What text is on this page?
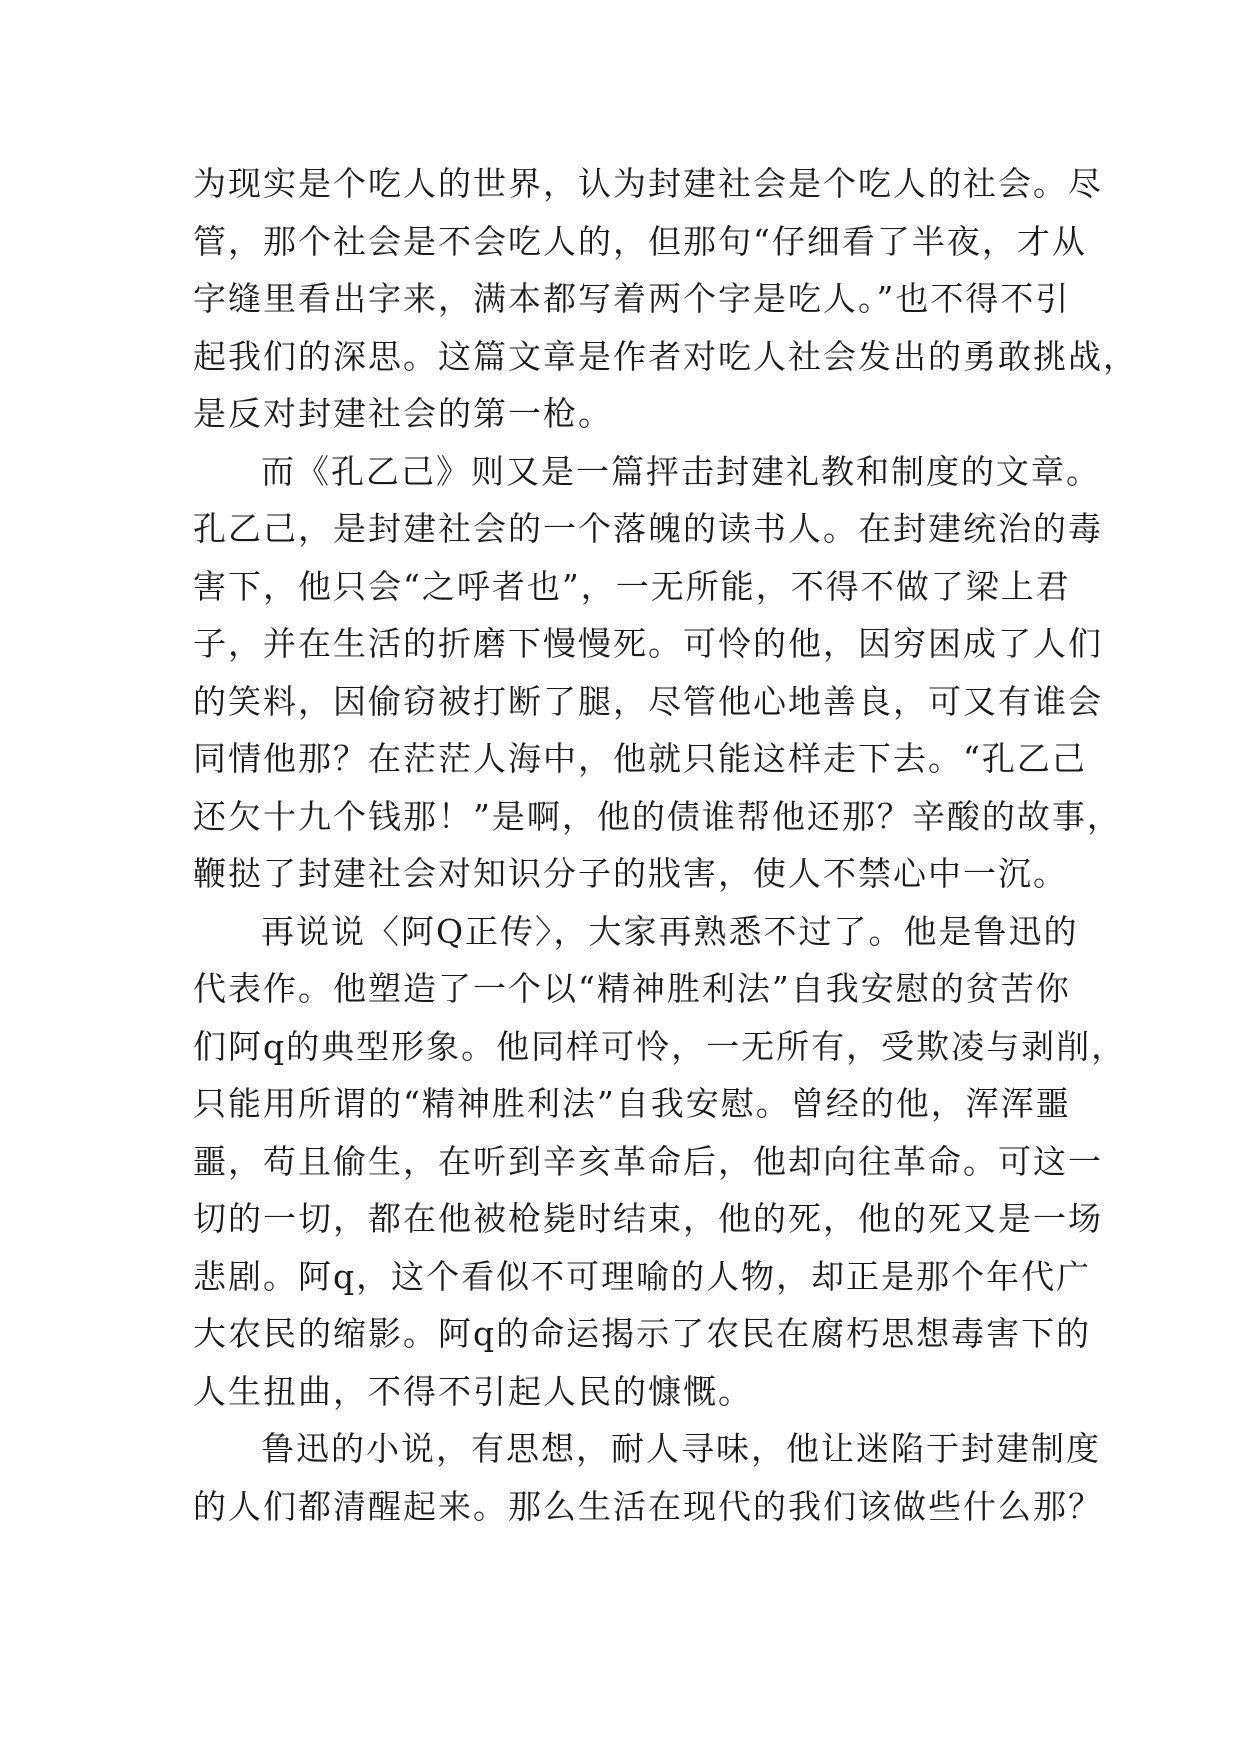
为现实是个吃人的世界，认为封建社会是个吃人的社会。尽
管，那个社会是不会吃人的，但那句“仔细看了半夜，才从
字缝里看出字来，满本都写着两个字是吃人。”也不得不引
起我们的深思。这篇文章是作者对吃人社会发出的勇敢挑战，
是反对封建社会的第一枪。
而《孔乙己》则又是一篇抨击封建礼教和制度的文章。
孔乙己，是封建社会的一个落魄的读书人。在封建统治的毒
害下，他只会“之呼者也”，一无所能，不得不做了梁上君
子，并在生活的折磨下慢慢死。可怜的他，因穷困成了人们
的笑料，因偷窃被打断了腿，尽管他心地善良，可又有谁会
同情他那？在茫茫人海中，他就只能这样走下去。“孔乙己
还欠十九个钱那！”是啊，他的债谁帮他还那？辛酸的故事，
鞭挞了封建社会对知识分子的戕害，使人不禁心中一沉。
再说说〈阿Q正传〉，大家再熟悉不过了。他是鲁迅的
代表作。他塑造了一个以“精神胜利法”自我安慰的贫苦你
们阿q的典型形象。他同样可怜，一无所有，受欺凌与剥削，
只能用所谓的“精神胜利法”自我安慰。曾经的他，浑浑噩
噩，苟且偷生，在听到辛亥革命后，他却向往革命。可这一
切的一切，都在他被枪毙时结束，他的死，他的死又是一场
悲剧。阿q，这个看似不可理喻的人物，却正是那个年代广
大农民的缩影。阿q的命运揭示了农民在腐朽思想毒害下的
人生扭曲，不得不引起人民的慷慨。
鲁迅的小说，有思想，耐人寻味，他让迷陷于封建制度
的人们都清醒起来。那么生活在现代的我们该做些什么那？
